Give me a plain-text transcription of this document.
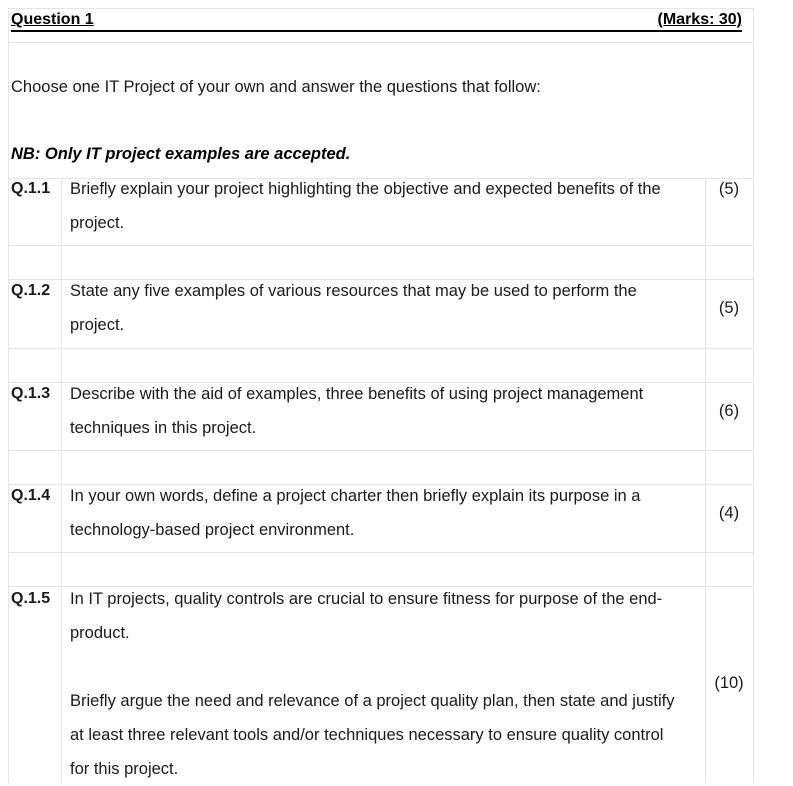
Question 1	(Marks: 30)
Choose one IT Project of your own and answer the questions that follow:
NB: Only IT project examples are accepted.
Q.1.1 Briefly explain your project highlighting the objective and expected benefits of the

project.

(5)
Q.1.2 State any five examples of various resources that may be used to perform the

project.

(5)
Q.1.3 Describe with the aid of examples, three benefits of using project management

techniques in this project.

(6)
Q.1.4 In your own words, define a project charter then briefly explain its purpose in a

technology-based project environment.

(4)
Q.1.5 In IT projects, quality controls are crucial to ensure fitness for purpose of the end-

product.

Briefly argue the need and relevance of a project quality plan, then state and justify

at least three relevant tools and/or techniques necessary to ensure quality control

for this project.

(10)
